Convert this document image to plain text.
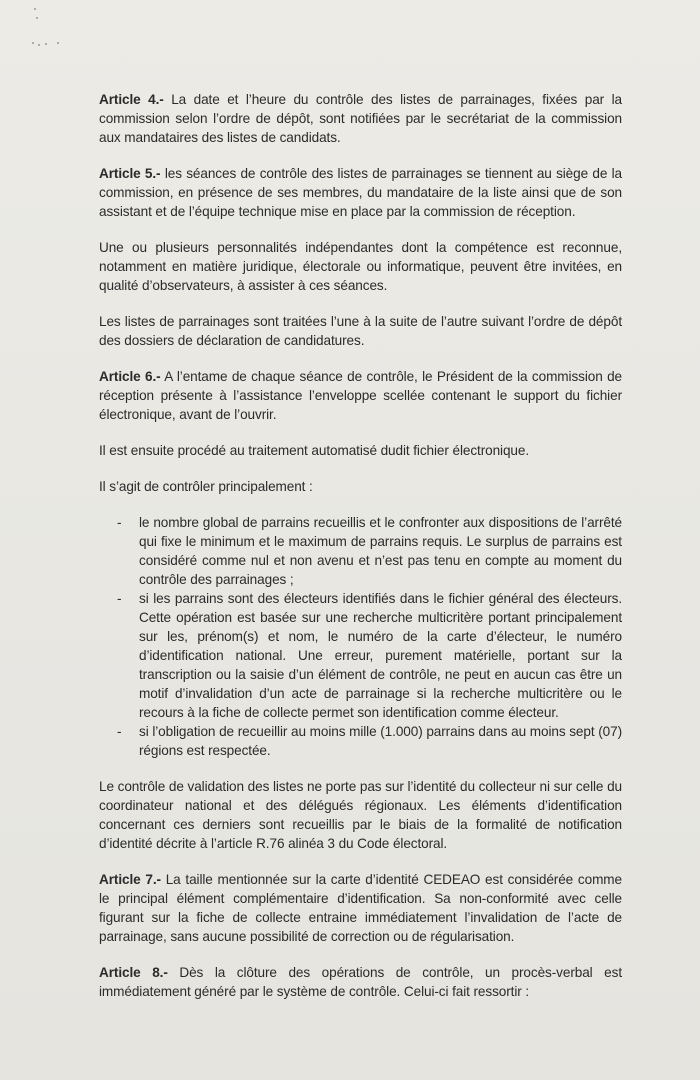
Article 4.- La date et l’heure du contrôle des listes de parrainages, fixées par la commission selon l’ordre de dépôt, sont notifiées par le secrétariat de la commission aux mandataires des listes de candidats.

Article 5.- les séances de contrôle des listes de parrainages se tiennent au siège de la commission, en présence de ses membres, du mandataire de la liste ainsi que de son assistant et de l’équipe technique mise en place par la commission de réception.

Une ou plusieurs personnalités indépendantes dont la compétence est reconnue, notamment en matière juridique, électorale ou informatique, peuvent être invitées, en qualité d’observateurs, à assister à ces séances.

Les listes de parrainages sont traitées l’une à la suite de l’autre suivant l’ordre de dépôt des dossiers de déclaration de candidatures.

Article 6.- A l’entame de chaque séance de contrôle, le Président de la commission de réception présente à l’assistance l’enveloppe scellée contenant le support du fichier électronique, avant de l’ouvrir.

Il est ensuite procédé au traitement automatisé dudit fichier électronique.

Il s’agit de contrôler principalement :

- le nombre global de parrains recueillis et le confronter aux dispositions de l’arrêté qui fixe le minimum et le maximum de parrains requis. Le surplus de parrains est considéré comme nul et non avenu et n’est pas tenu en compte au moment du contrôle des parrainages ;
- si les parrains sont des électeurs identifiés dans le fichier général des électeurs. Cette opération est basée sur une recherche multicritère portant principalement sur les, prénom(s) et nom, le numéro de la carte d’électeur, le numéro d’identification national. Une erreur, purement matérielle, portant sur la transcription ou la saisie d’un élément de contrôle, ne peut en aucun cas être un motif d’invalidation d’un acte de parrainage si la recherche multicritère ou le recours à la fiche de collecte permet son identification comme électeur.
- si l’obligation de recueillir au moins mille (1.000) parrains dans au moins sept (07) régions est respectée.

Le contrôle de validation des listes ne porte pas sur l’identité du collecteur ni sur celle du coordinateur national et des délégués régionaux. Les éléments d’identification concernant ces derniers sont recueillis par le biais de la formalité de notification d’identité décrite à l’article R.76 alinéa 3 du Code électoral.

Article 7.- La taille mentionnée sur la carte d’identité CEDEAO est considérée comme le principal élément complémentaire d’identification. Sa non-conformité avec celle figurant sur la fiche de collecte entraine immédiatement l’invalidation de l’acte de parrainage, sans aucune possibilité de correction ou de régularisation.

Article 8.- Dès la clôture des opérations de contrôle, un procès-verbal est immédiatement généré par le système de contrôle. Celui-ci fait ressortir :
